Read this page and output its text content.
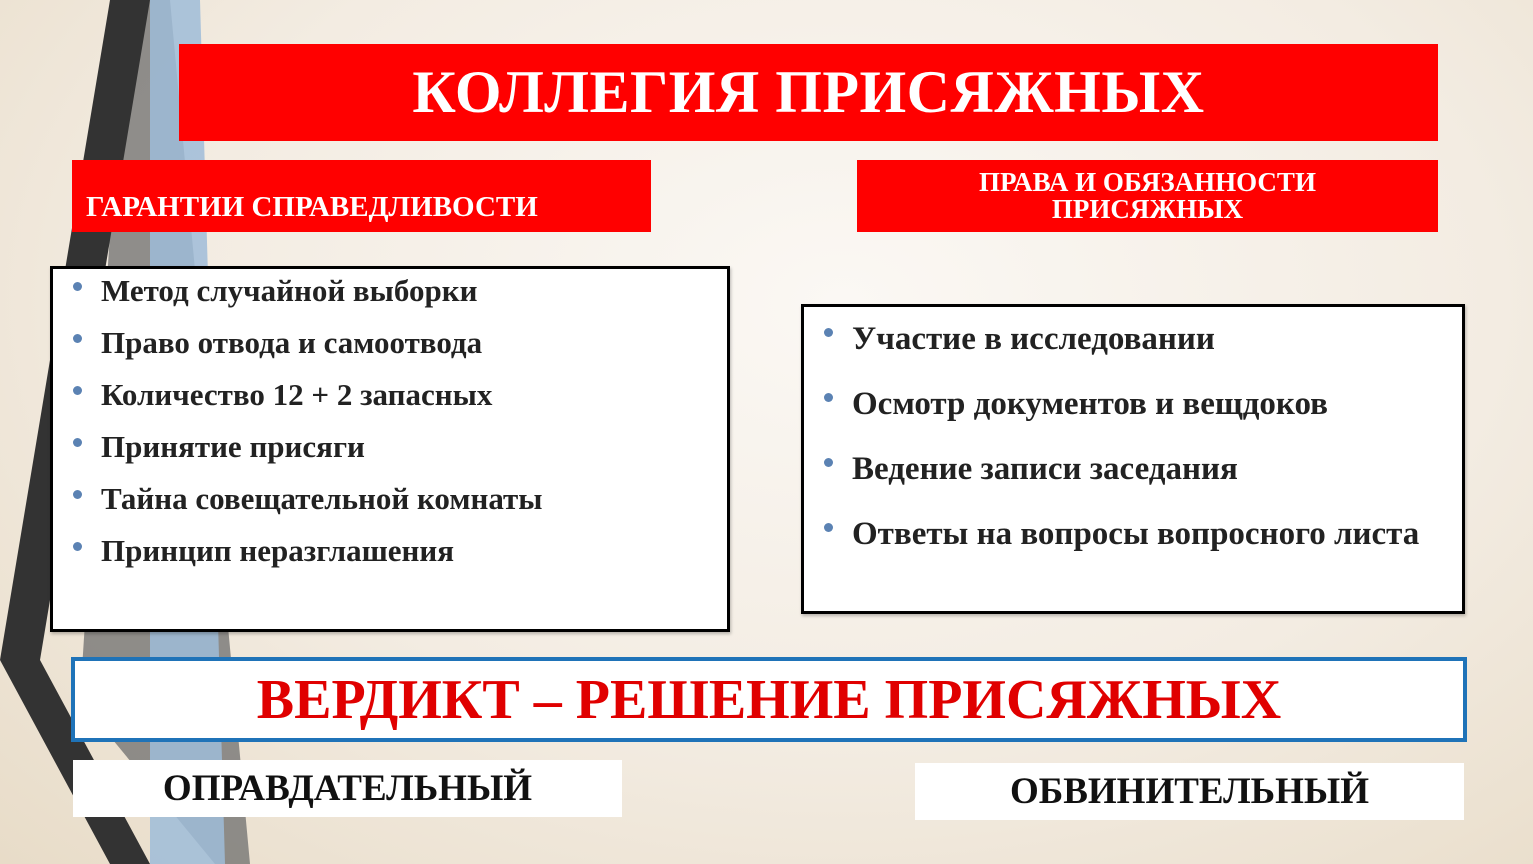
КОЛЛЕГИЯ ПРИСЯЖНЫХ
ГАРАНТИИ СПРАВЕДЛИВОСТИ
ПРАВА И ОБЯЗАННОСТИ
ПРИСЯЖНЫХ
Метод случайной выборки
Право отвода и самоотвода
Количество 12 + 2 запасных
Принятие присяги
Тайна совещательной комнаты
Принцип неразглашения
Участие в исследовании
Осмотр документов и вещдоков
Ведение записи заседания
Ответы на вопросы вопросного листа
ВЕРДИКТ – РЕШЕНИЕ ПРИСЯЖНЫХ
ОПРАВДАТЕЛЬНЫЙ	ОБВИНИТЕЛЬНЫЙ
